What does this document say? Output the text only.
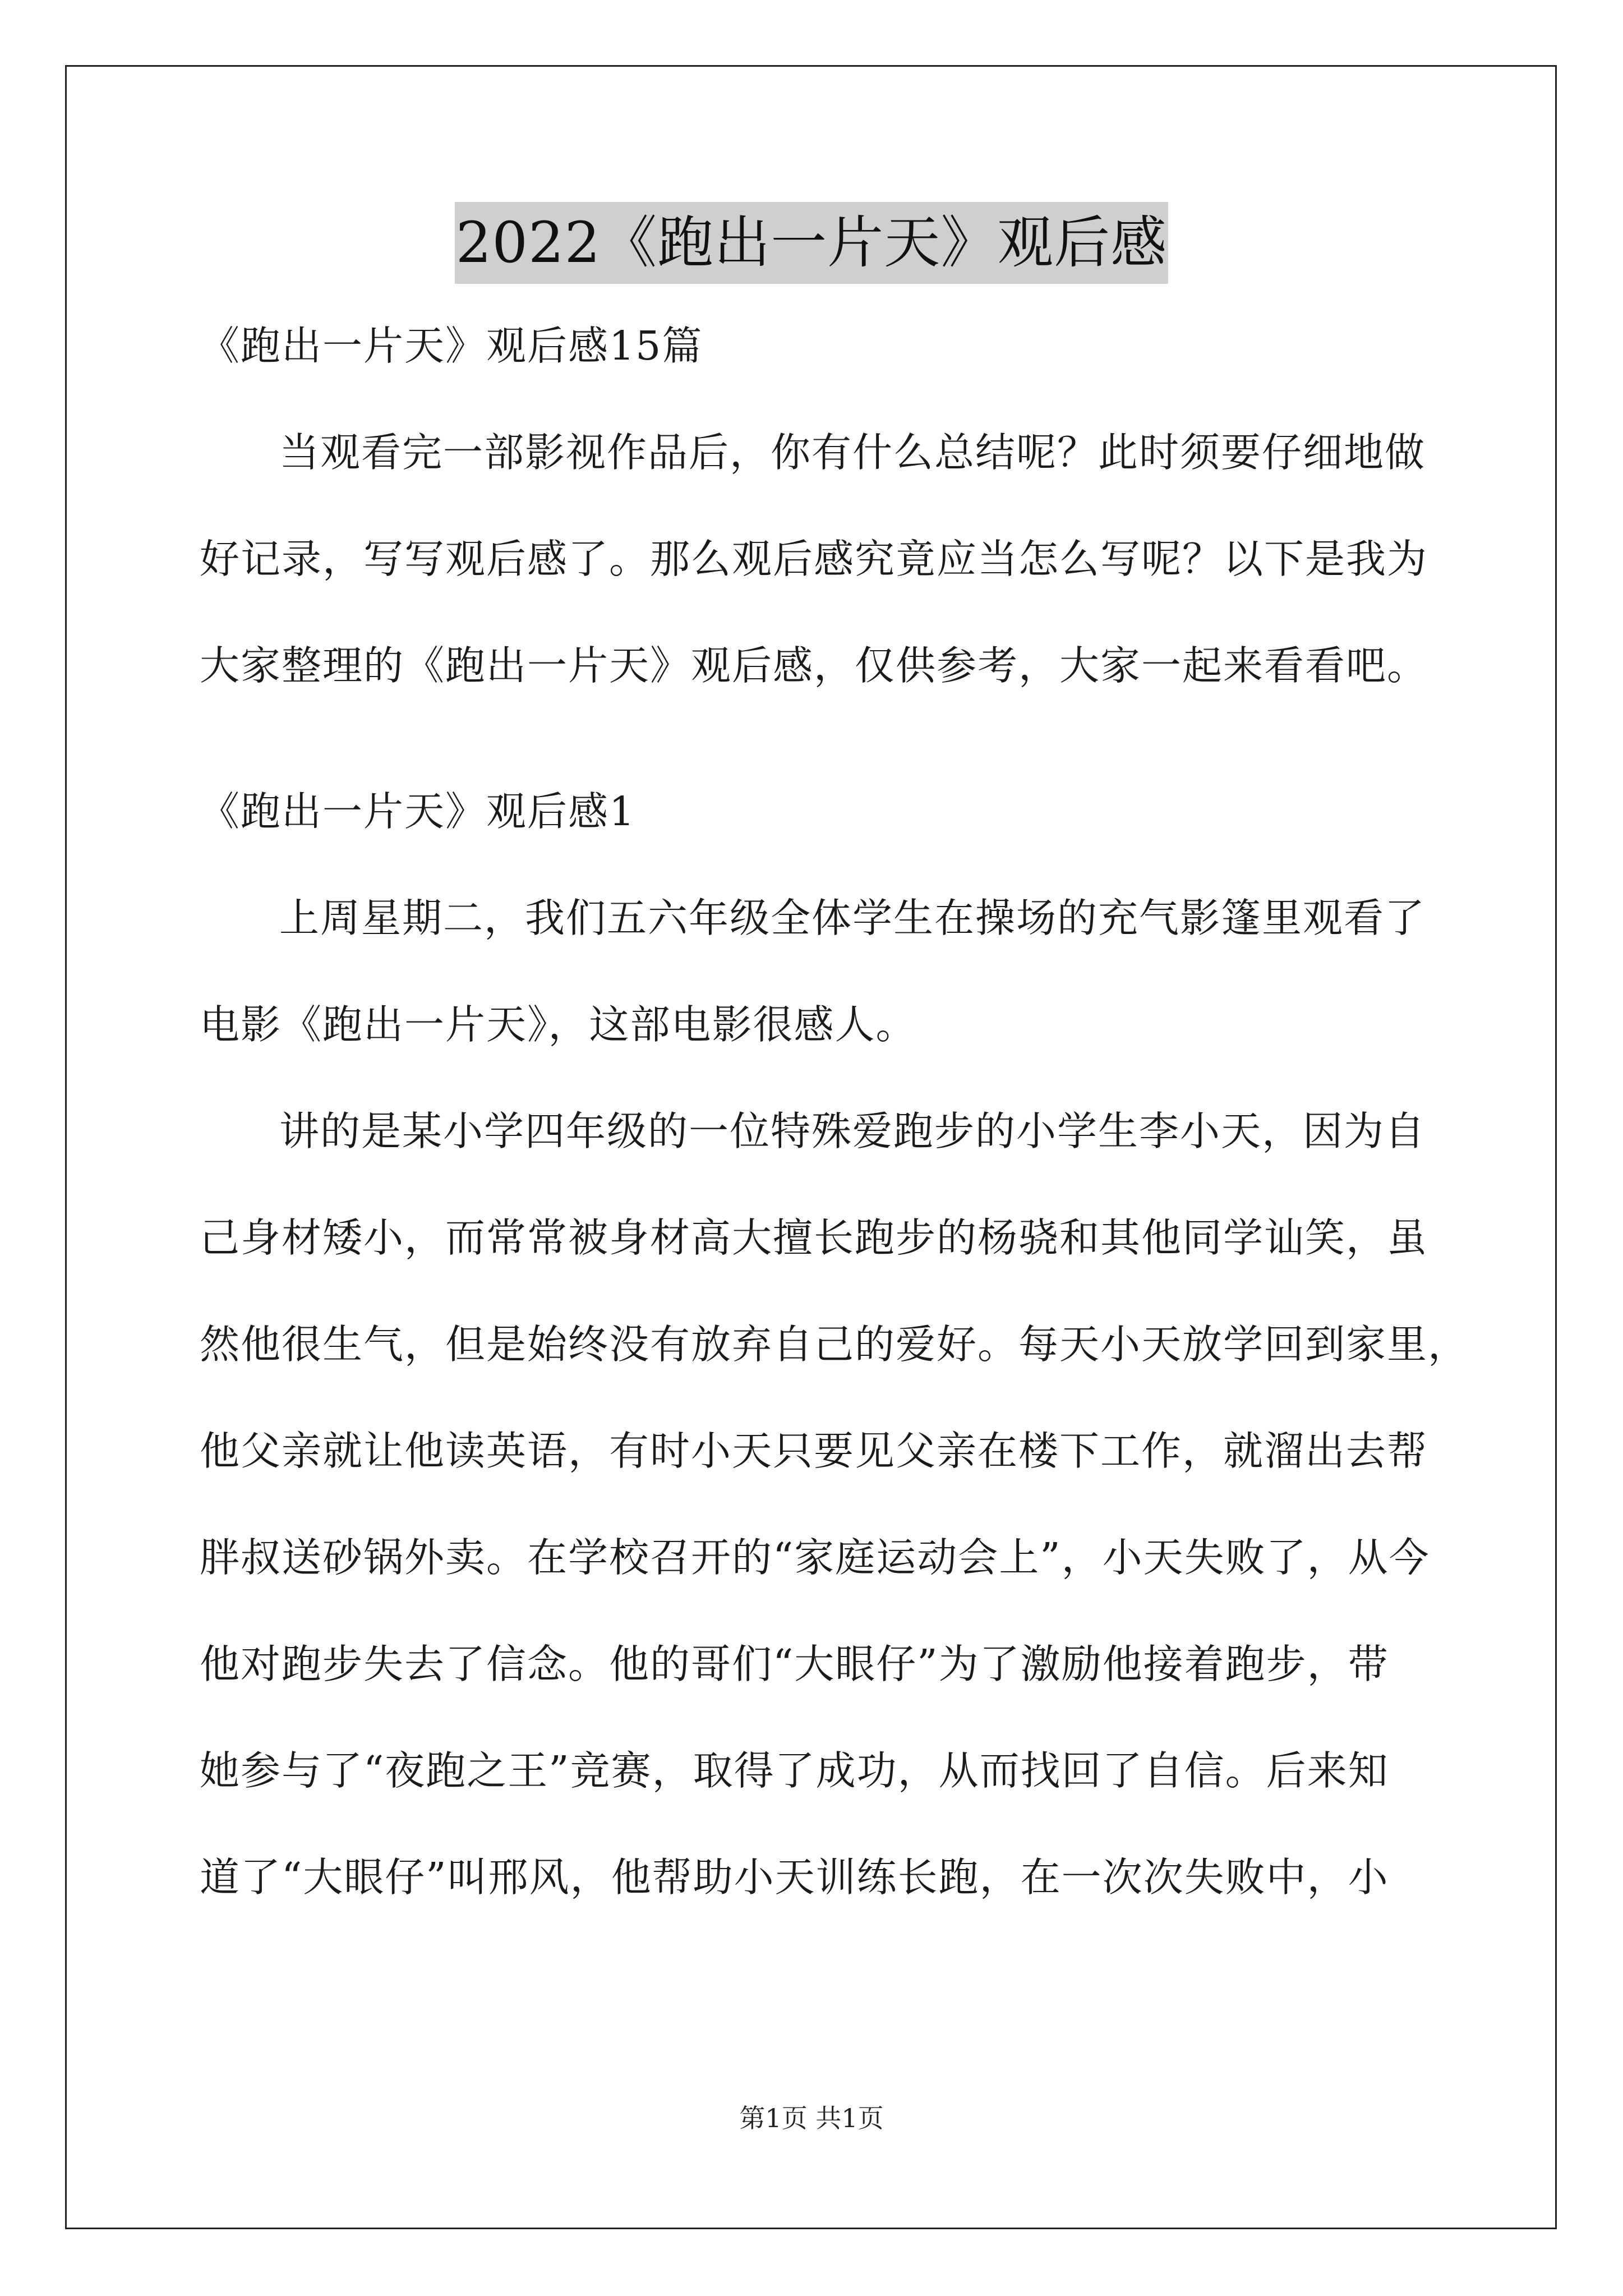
2022《跑出一片天》观后感
《跑出一片天》观后感15篇
当观看完一部影视作品后，你有什么总结呢？此时须要仔细地做
好记录，写写观后感了。那么观后感究竟应当怎么写呢？以下是我为
大家整理的《跑出一片天》观后感，仅供参考，大家一起来看看吧。
《跑出一片天》观后感1
上周星期二，我们五六年级全体学生在操场的充气影篷里观看了
电影《跑出一片天》，这部电影很感人。
讲的是某小学四年级的一位特殊爱跑步的小学生李小天，因为自
己身材矮小，而常常被身材高大擅长跑步的杨骁和其他同学讪笑，虽
然他很生气，但是始终没有放弃自己的爱好。每天小天放学回到家里，
他父亲就让他读英语，有时小天只要见父亲在楼下工作，就溜出去帮
胖叔送砂锅外卖。在学校召开的“家庭运动会上”，小天失败了，从今
他对跑步失去了信念。他的哥们“大眼仔”为了激励他接着跑步，带
她参与了“夜跑之王”竞赛，取得了成功，从而找回了自信。后来知
道了“大眼仔”叫邢风，他帮助小天训练长跑，在一次次失败中，小
第1页 共1页
